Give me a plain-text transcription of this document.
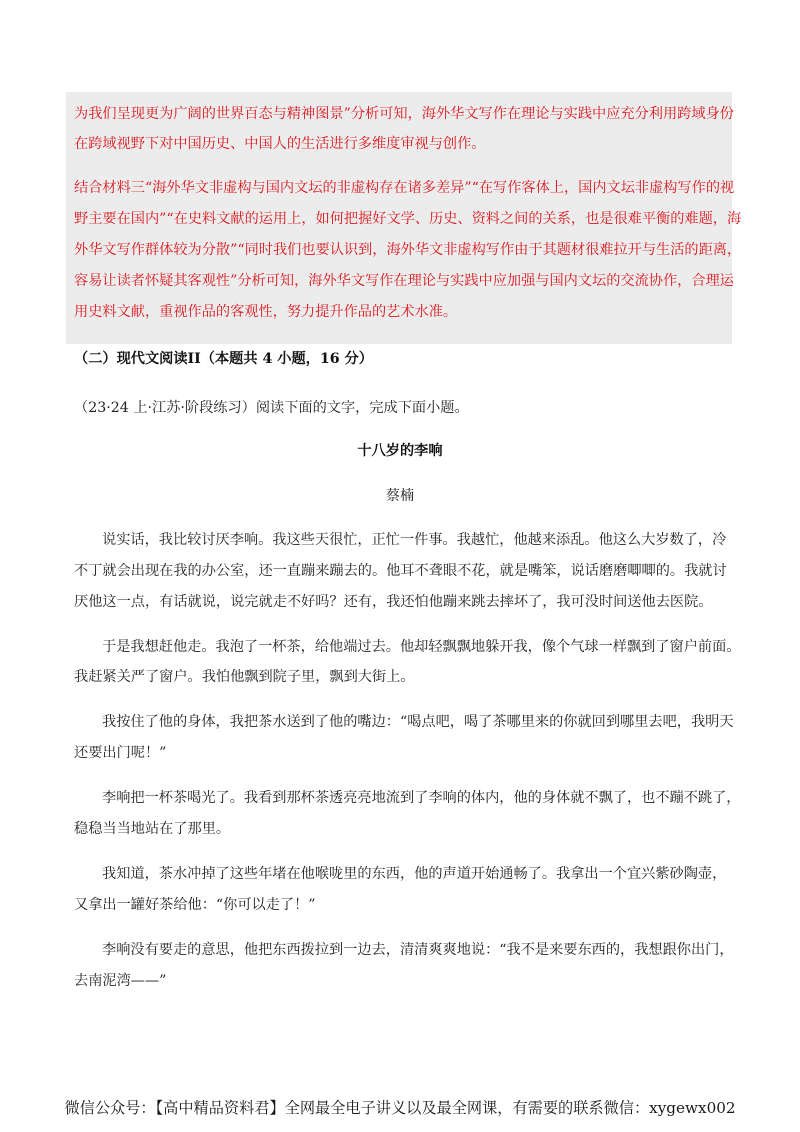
为我们呈现更为广阔的世界百态与精神图景”分析可知，海外华文写作在理论与实践中应充分利用跨域身份
在跨域视野下对中国历史、中国人的生活进行多维度审视与创作。
结合材料三“海外华文非虚构与国内文坛的非虚构存在诸多差异”“在写作客体上，国内文坛非虚构写作的视
野主要在国内”“在史料文献的运用上，如何把握好文学、历史、资料之间的关系，也是很难平衡的难题，海
外华文写作群体较为分散”“同时我们也要认识到，海外华文非虚构写作由于其题材很难拉开与生活的距离，
容易让读者怀疑其客观性”分析可知，海外华文写作在理论与实践中应加强与国内文坛的交流协作，合理运
用史料文献，重视作品的客观性，努力提升作品的艺术水准。
（二）现代文阅读II（本题共 4 小题，16 分）
（23·24 上·江苏·阶段练习）阅读下面的文字，完成下面小题。
十八岁的李响
蔡楠
说实话，我比较讨厌李响。我这些天很忙，正忙一件事。我越忙，他越来添乱。他这么大岁数了，冷
不丁就会出现在我的办公室，还一直蹦来蹦去的。他耳不聋眼不花，就是嘴笨，说话磨磨唧唧的。我就讨
厌他这一点，有话就说，说完就走不好吗？还有，我还怕他蹦来跳去摔坏了，我可没时间送他去医院。
于是我想赶他走。我泡了一杯茶，给他端过去。他却轻飘飘地躲开我，像个气球一样飘到了窗户前面。
我赶紧关严了窗户。我怕他飘到院子里，飘到大街上。
我按住了他的身体，我把茶水送到了他的嘴边：“喝点吧，喝了茶哪里来的你就回到哪里去吧，我明天
还要出门呢！”
李响把一杯茶喝光了。我看到那杯茶透亮亮地流到了李响的体内，他的身体就不飘了，也不蹦不跳了，
稳稳当当地站在了那里。
我知道，茶水冲掉了这些年堵在他喉咙里的东西，他的声道开始通畅了。我拿出一个宜兴紫砂陶壶，
又拿出一罐好茶给他：“你可以走了！”
李响没有要走的意思，他把东西拨拉到一边去，清清爽爽地说：“我不是来要东西的，我想跟你出门，
去南泥湾——”
微信公众号：【高中精品资料君】全网最全电子讲义以及最全网课，有需要的联系微信：xygewx002
